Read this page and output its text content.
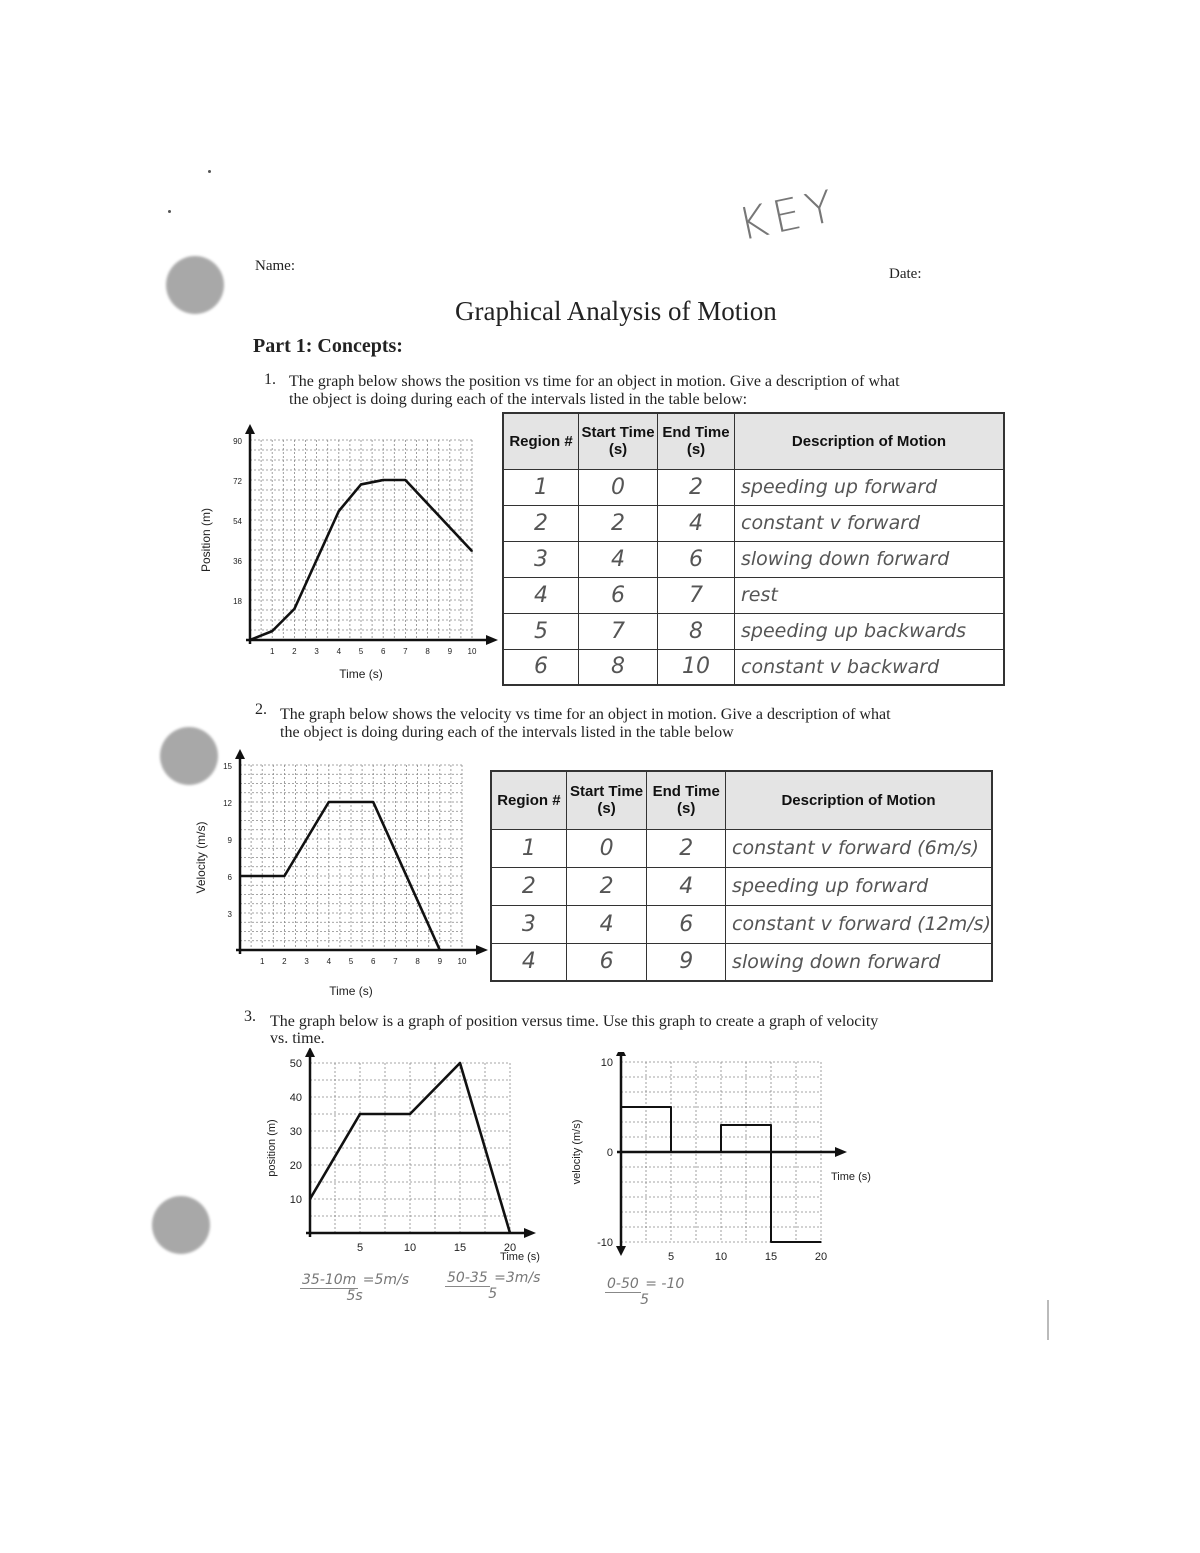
KEY
Name:	Date:
Graphical Analysis of Motion
Part 1: Concepts:
1. The graph below shows the position vs time for an object in motion. Give a description of what
the object is doing during each of the intervals listed in the table below:
1 2 3 4 5 6 7 8 9 10
18
36
54
72
90
Time (s)
Position (m)
Region #	Start Time (s)	End Time (s)	Description of Motion
1	0	2	speeding up forward
2	2	4	constant v forward
3	4	6	slowing down forward
4	6	7	rest
5	7	8	speeding up backwards
6	8	10	constant v backward
2. The graph below shows the velocity vs time for an object in motion. Give a description of what
the object is doing during each of the intervals listed in the table below
1 2 3 4 5 6 7 8 9 10
3
6
9
12
15
Time (s)
Velocity (m/s)
Region #	Start Time (s)	End Time (s)	Description of Motion
1	0	2	constant v forward (6m/s)
2	2	4	speeding up forward
3	4	6	constant v forward (12m/s)
4	6	9	slowing down forward
3. The graph below is a graph of position versus time. Use this graph to create a graph of velocity
vs. time.
5	10	15	20
10
20
30
40
50
Time (s)
position (m)
5	10	15	20
10
0
-10
Time (s)
velocity (m/s)
35-10m =5m/s
5s
50-35 =3m/s
5
0-50 = -10
5
